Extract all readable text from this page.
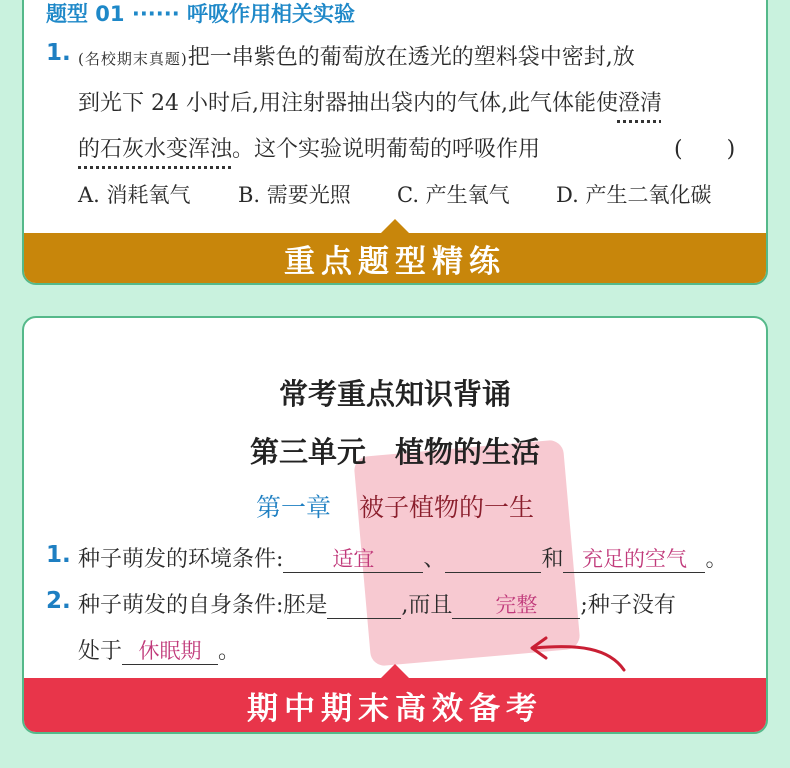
题型 01 ······ 呼吸作用相关实验
1. (名校期末真题)把一串紫色的葡萄放在透光的塑料袋中密封,放

到光下 24 小时后,用注射器抽出袋内的气体,此气体能使澄清

的石灰水变浑浊。这个实验说明葡萄的呼吸作用	(　　)
A. 消耗氧气 B. 需要光照 C. 产生氧气 D. 产生二氧化碳
重点题型精练
常考重点知识背诵
第三单元　植物的生活
第一章 被子植物的一生
1. 种子萌发的环境条件: 适宜 、	和 充足的空气 。

2. 种子萌发的自身条件:胚是	,而且 完整 ;种子没有

处于 休眠期 。

期中期末高效备考
